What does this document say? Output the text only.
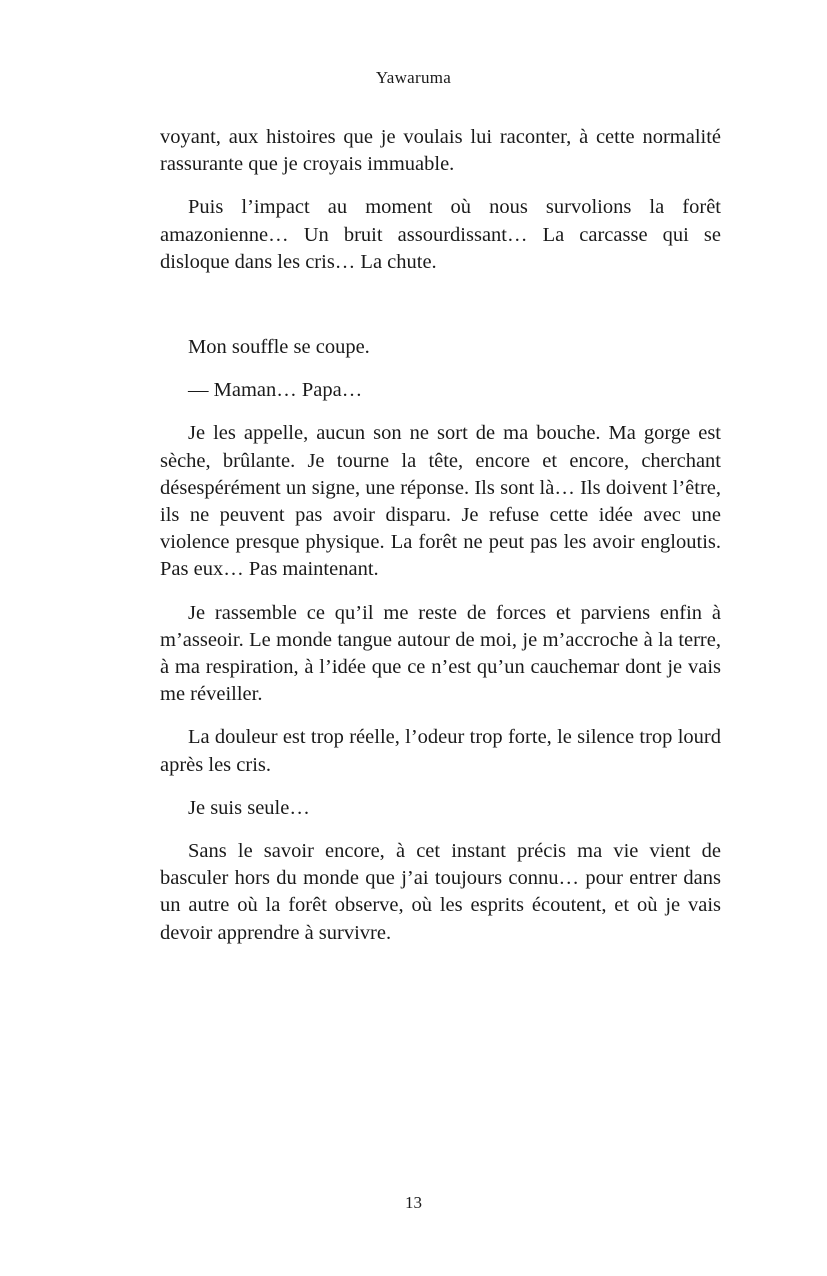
Yawaruma

voyant, aux histoires que je voulais lui raconter, à cette normalité rassurante que je croyais immuable.

Puis l’impact au moment où nous survolions la forêt amazonienne… Un bruit assourdissant… La carcasse qui se disloque dans les cris… La chute.

Mon souffle se coupe.

— Maman… Papa…

Je les appelle, aucun son ne sort de ma bouche. Ma gorge est sèche, brûlante. Je tourne la tête, encore et encore, cherchant désespérément un signe, une réponse. Ils sont là… Ils doivent l’être, ils ne peuvent pas avoir disparu. Je refuse cette idée avec une violence presque physique. La forêt ne peut pas les avoir engloutis. Pas eux… Pas maintenant.

Je rassemble ce qu’il me reste de forces et parviens enfin à m’asseoir. Le monde tangue autour de moi, je m’accroche à la terre, à ma respiration, à l’idée que ce n’est qu’un cauchemar dont je vais me réveiller.

La douleur est trop réelle, l’odeur trop forte, le silence trop lourd après les cris.

Je suis seule…

Sans le savoir encore, à cet instant précis ma vie vient de basculer hors du monde que j’ai toujours connu… pour entrer dans un autre où la forêt observe, où les esprits écoutent, et où je vais devoir apprendre à survivre.

13
